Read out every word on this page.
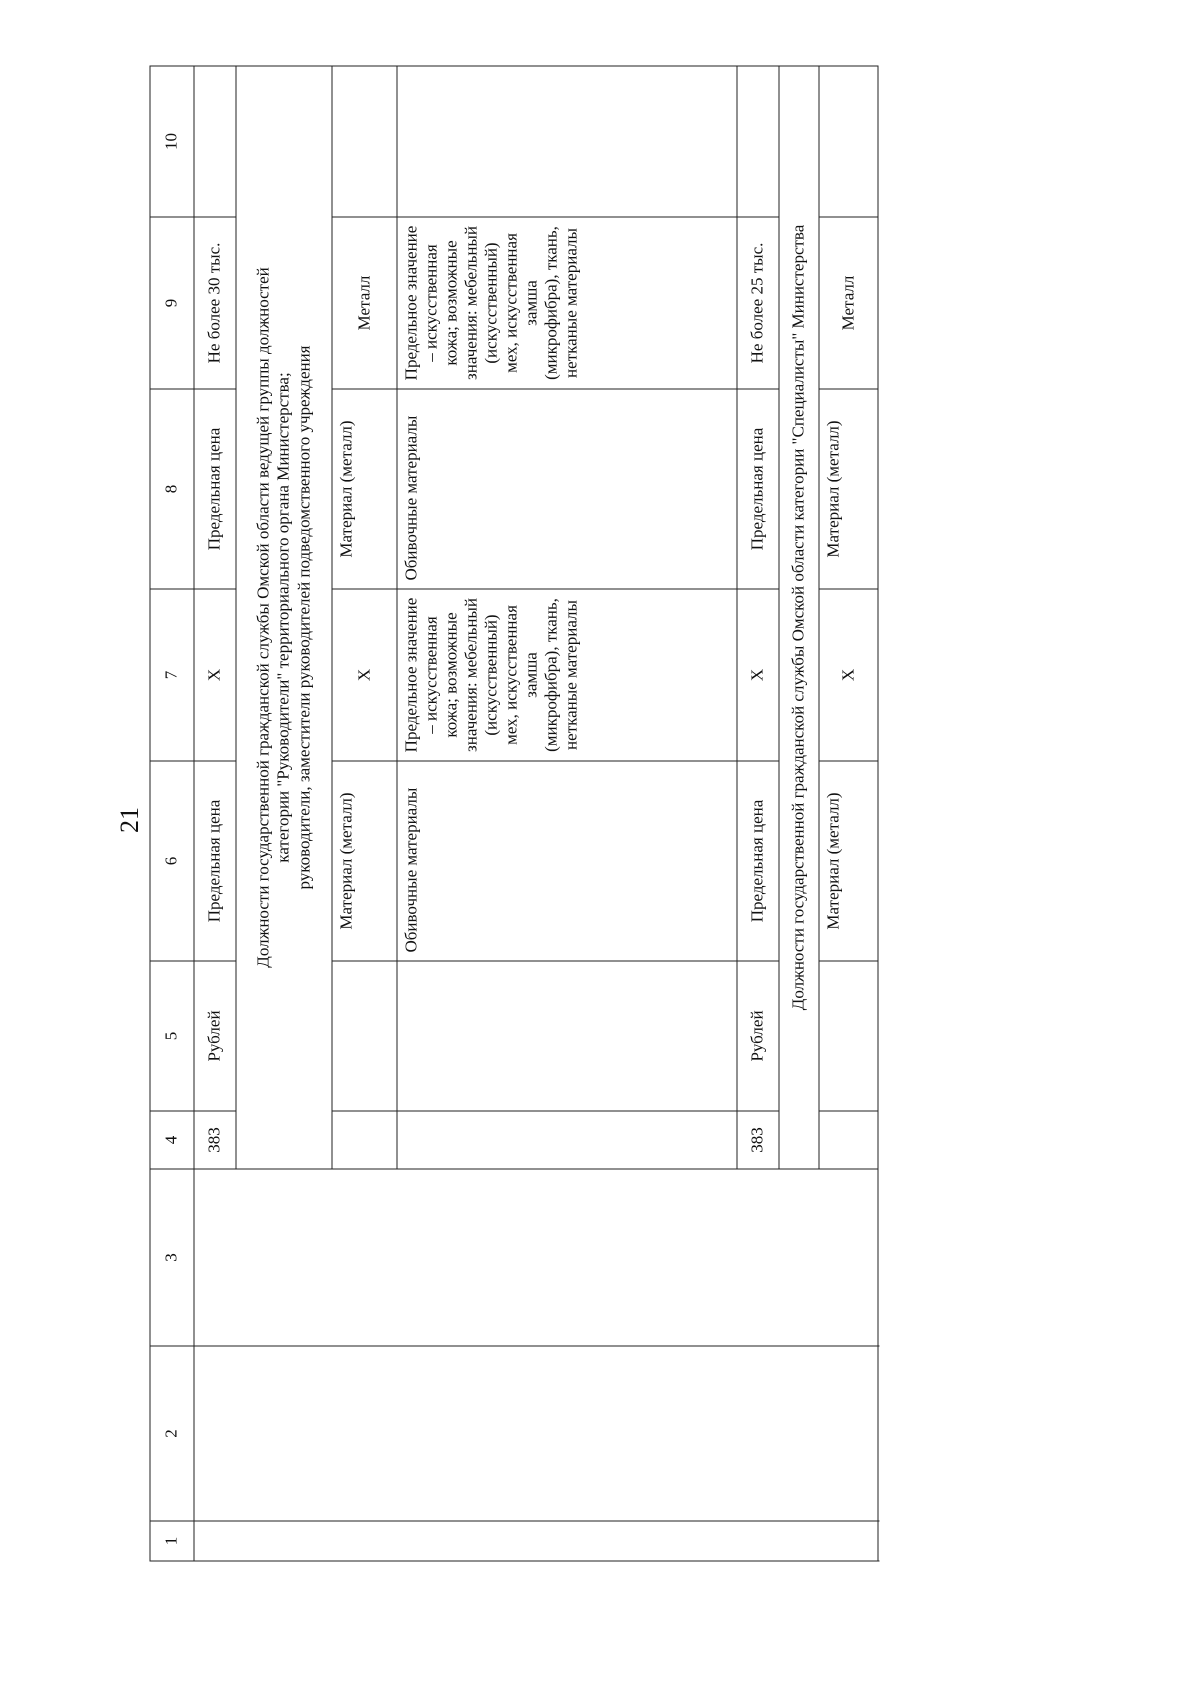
21
1	2	3	4	5	6	7	8	9	10
			383	Рублей	Предельная цена	Х	Предельная цена	Не более 30 тыс.	

			Должности государственной гражданской службы Омской области ведущей группы должностей категории "Руководители" территориального органа Министерства; руководители, заместители руководителей подведомственного учреждения						

					Материал (металл)	Х	Материал (металл)	Металл	
					Обивочные материалы	Предельное значение – искусственная кожа; возможные значения: мебельный (искусственный) мех, искусственная замша (микрофибра), ткань, нетканые материалы	Обивочные материалы	Предельное значение – искусственная кожа; возможные значения: мебельный (искусственный) мех, искусственная замша (микрофибра), ткань, нетканые материалы	
			383	Рублей	Предельная цена	Х	Предельная цена	Не более 25 тыс.	
			Должности государственной гражданской службы Омской области категории "Специалисты" Министерства						
					Материал (металл)	Х	Материал (металл)	Металл	
